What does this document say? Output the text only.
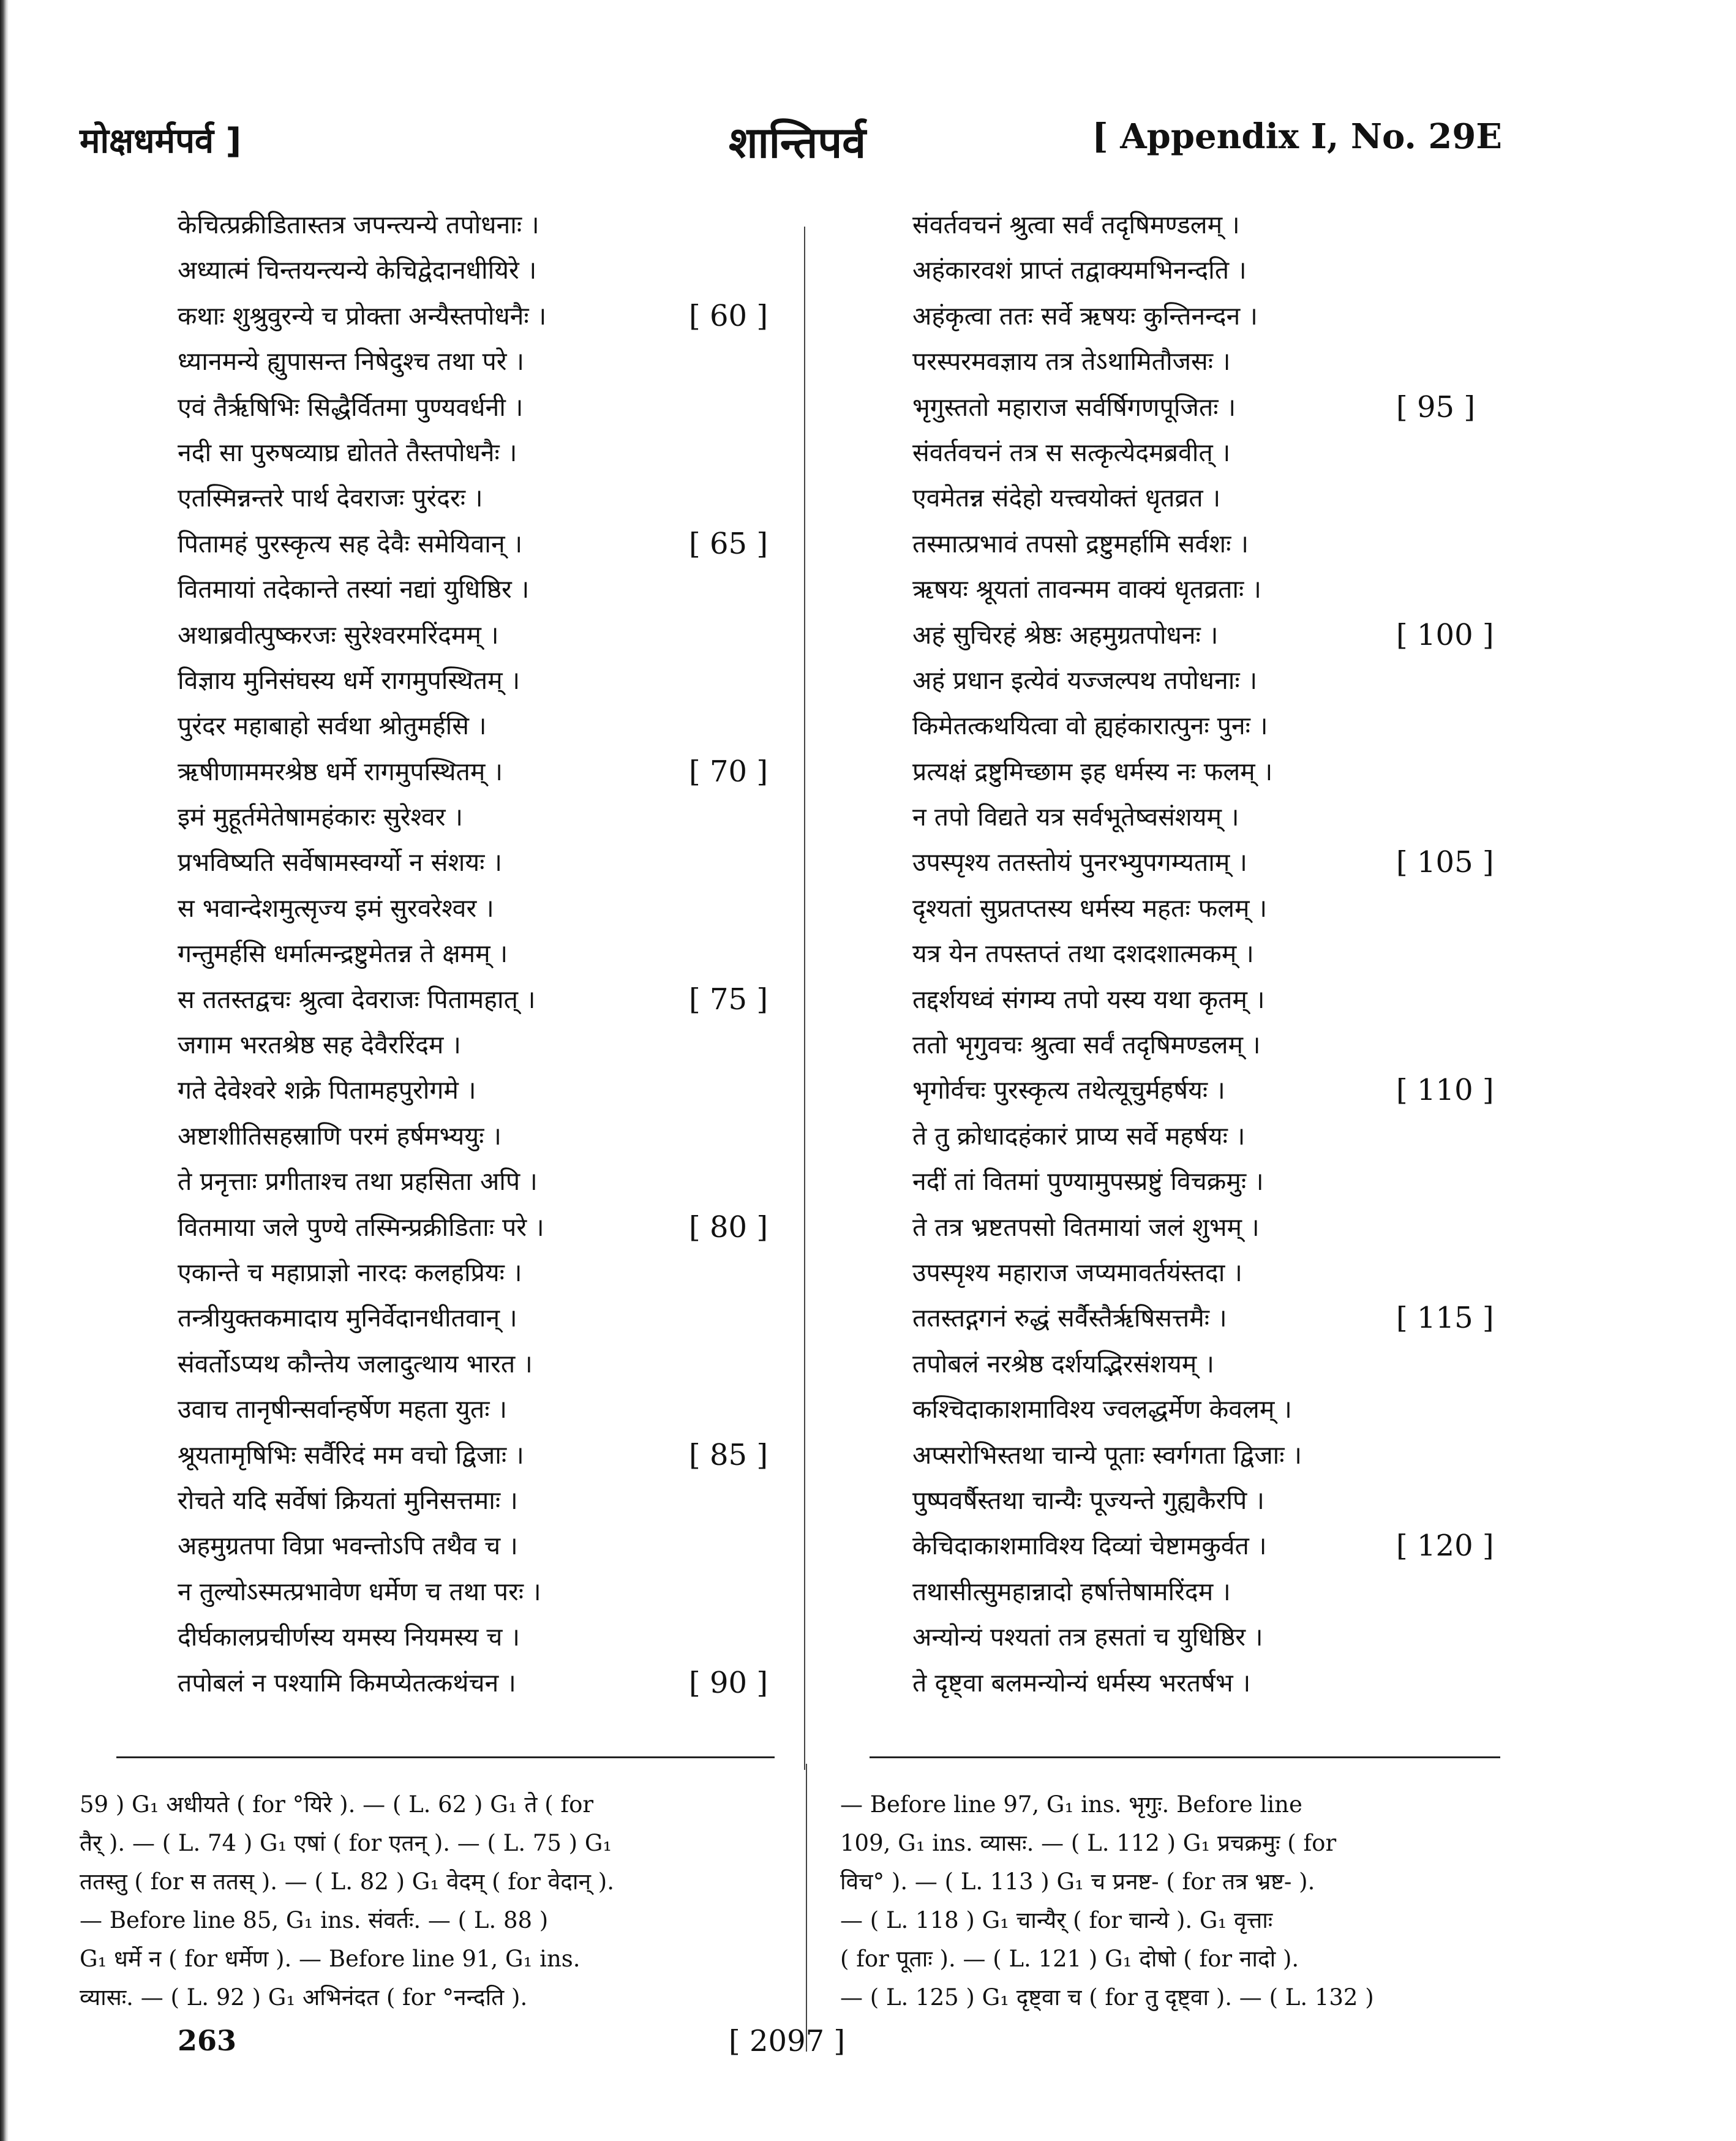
मोक्षधर्मपर्व ]	शान्तिपर्व	[ Appendix I, No. 29E
केचित्प्रक्रीडितास्तत्र जपन्त्यन्ये तपोधनाः ।
अध्यात्मं चिन्तयन्त्यन्ये केचिद्वेदानधीयिरे ।
कथाः शुश्रुवुरन्ये च प्रोक्ता अन्यैस्तपोधनैः ।	[ 60 ]
ध्यानमन्ये ह्युपासन्त निषेदुश्च तथा परे ।
एवं तैर्ऋषिभिः सिद्धैर्वितमा पुण्यवर्धनी ।
नदी सा पुरुषव्याघ्र द्योतते तैस्तपोधनैः ।
एतस्मिन्नन्तरे पार्थ देवराजः पुरंदरः ।
पितामहं पुरस्कृत्य सह देवैः समेयिवान् ।	[ 65 ]
वितमायां तदेकान्ते तस्यां नद्यां युधिष्ठिर ।
अथाब्रवीत्पुष्करजः सुरेश्वरमरिंदमम् ।
विज्ञाय मुनिसंघस्य धर्मे रागमुपस्थितम् ।
पुरंदर महाबाहो सर्वथा श्रोतुमर्हसि ।
ऋषीणाममरश्रेष्ठ धर्मे रागमुपस्थितम् ।	[ 70 ]
इमं मुहूर्तमेतेषामहंकारः सुरेश्वर ।
प्रभविष्यति सर्वेषामस्वर्ग्यो न संशयः ।
स भवान्देशमुत्सृज्य इमं सुरवरेश्वर ।
गन्तुमर्हसि धर्मात्मन्द्रष्टुमेतन्न ते क्षमम् ।
स ततस्तद्वचः श्रुत्वा देवराजः पितामहात् ।	[ 75 ]
जगाम भरतश्रेष्ठ सह देवैररिंदम ।
गते देवेश्वरे शक्रे पितामहपुरोगमे ।
अष्टाशीतिसहस्राणि परमं हर्षमभ्ययुः ।
ते प्रनृत्ताः प्रगीताश्च तथा प्रहसिता अपि ।
वितमाया जले पुण्ये तस्मिन्प्रक्रीडिताः परे ।	[ 80 ]
एकान्ते च महाप्राज्ञो नारदः कलहप्रियः ।
तन्त्रीयुक्तकमादाय मुनिर्वेदानधीतवान् ।
संवर्तोऽप्यथ कौन्तेय जलादुत्थाय भारत ।
उवाच तानृषीन्सर्वान्हर्षेण महता युतः ।
श्रूयतामृषिभिः सर्वैरिदं मम वचो द्विजाः ।	[ 85 ]
रोचते यदि सर्वेषां क्रियतां मुनिसत्तमाः ।
अहमुग्रतपा विप्रा भवन्तोऽपि तथैव च ।
न तुल्योऽस्मत्प्रभावेण धर्मेण च तथा परः ।
दीर्घकालप्रचीर्णस्य यमस्य नियमस्य च ।
तपोबलं न पश्यामि किमप्येतत्कथंचन ।	[ 90 ]
संवर्तवचनं श्रुत्वा सर्वं तदृषिमण्डलम् ।
अहंकारवशं प्राप्तं तद्वाक्यमभिनन्दति ।
अहंकृत्वा ततः सर्वे ऋषयः कुन्तिनन्दन ।
परस्परमवज्ञाय तत्र तेऽथामितौजसः ।
भृगुस्ततो महाराज सर्वर्षिगणपूजितः ।	[ 95 ]
संवर्तवचनं तत्र स सत्कृत्येदमब्रवीत् ।
एवमेतन्न संदेहो यत्त्वयोक्तं धृतव्रत ।
तस्मात्प्रभावं तपसो द्रष्टुमर्हामि सर्वशः ।
ऋषयः श्रूयतां तावन्मम वाक्यं धृतव्रताः ।
अहं सुचिरहं श्रेष्ठः अहमुग्रतपोधनः ।	[ 100 ]
अहं प्रधान इत्येवं यज्जल्पथ तपोधनाः ।
किमेतत्कथयित्वा वो ह्यहंकारात्पुनः पुनः ।
प्रत्यक्षं द्रष्टुमिच्छाम इह धर्मस्य नः फलम् ।
न तपो विद्यते यत्र सर्वभूतेष्वसंशयम् ।
उपस्पृश्य ततस्तोयं पुनरभ्युपगम्यताम् ।	[ 105 ]
दृश्यतां सुप्रतप्तस्य धर्मस्य महतः फलम् ।
यत्र येन तपस्तप्तं तथा दशदशात्मकम् ।
तद्दर्शयध्वं संगम्य तपो यस्य यथा कृतम् ।
ततो भृगुवचः श्रुत्वा सर्वं तदृषिमण्डलम् ।
भृगोर्वचः पुरस्कृत्य तथेत्यूचुर्महर्षयः ।	[ 110 ]
ते तु क्रोधादहंकारं प्राप्य सर्वे महर्षयः ।
नदीं तां वितमां पुण्यामुपस्प्रष्टुं विचक्रमुः ।
ते तत्र भ्रष्टतपसो वितमायां जलं शुभम् ।
उपस्पृश्य महाराज जप्यमावर्तयंस्तदा ।
ततस्तद्गगनं रुद्धं सर्वैस्तैर्ऋषिसत्तमैः ।	[ 115 ]
तपोबलं नरश्रेष्ठ दर्शयद्भिरसंशयम् ।
कश्चिदाकाशमाविश्य ज्वलद्धर्मेण केवलम् ।
अप्सरोभिस्तथा चान्ये पूताः स्वर्गगता द्विजाः ।
पुष्पवर्षैस्तथा चान्यैः पूज्यन्ते गुह्यकैरपि ।
केचिदाकाशमाविश्य दिव्यां चेष्टामकुर्वत ।	[ 120 ]
तथासीत्सुमहान्नादो हर्षात्तेषामरिंदम ।
अन्योन्यं पश्यतां तत्र हसतां च युधिष्ठिर ।
ते दृष्ट्वा बलमन्योन्यं धर्मस्य भरतर्षभ ।
59 ) G₁ अधीयते ( for °यिरे ). — ( L. 62 ) G₁ ते ( for
तैर् ). — ( L. 74 ) G₁ एषां ( for एतन् ). — ( L. 75 ) G₁
ततस्तु ( for स ततस् ). — ( L. 82 ) G₁ वेदम् ( for वेदान् ).
— Before line 85, G₁ ins. संवर्तः. — ( L. 88 )
G₁ धर्मे न ( for धर्मेण ). — Before line 91, G₁ ins.
व्यासः. — ( L. 92 ) G₁ अभिनंदत ( for °नन्दति ).
— Before line 97, G₁ ins. भृगुः. Before line
109, G₁ ins. व्यासः. — ( L. 112 ) G₁ प्रचक्रमुः ( for
विच° ). — ( L. 113 ) G₁ च प्रनष्ट- ( for तत्र भ्रष्ट- ).
— ( L. 118 ) G₁ चान्यैर् ( for चान्ये ). G₁ वृत्ताः
( for पूताः ). — ( L. 121 ) G₁ दोषो ( for नादो ).
— ( L. 125 ) G₁ दृष्ट्वा च ( for तु दृष्ट्वा ). — ( L. 132 )
263	[ 2097 ]
